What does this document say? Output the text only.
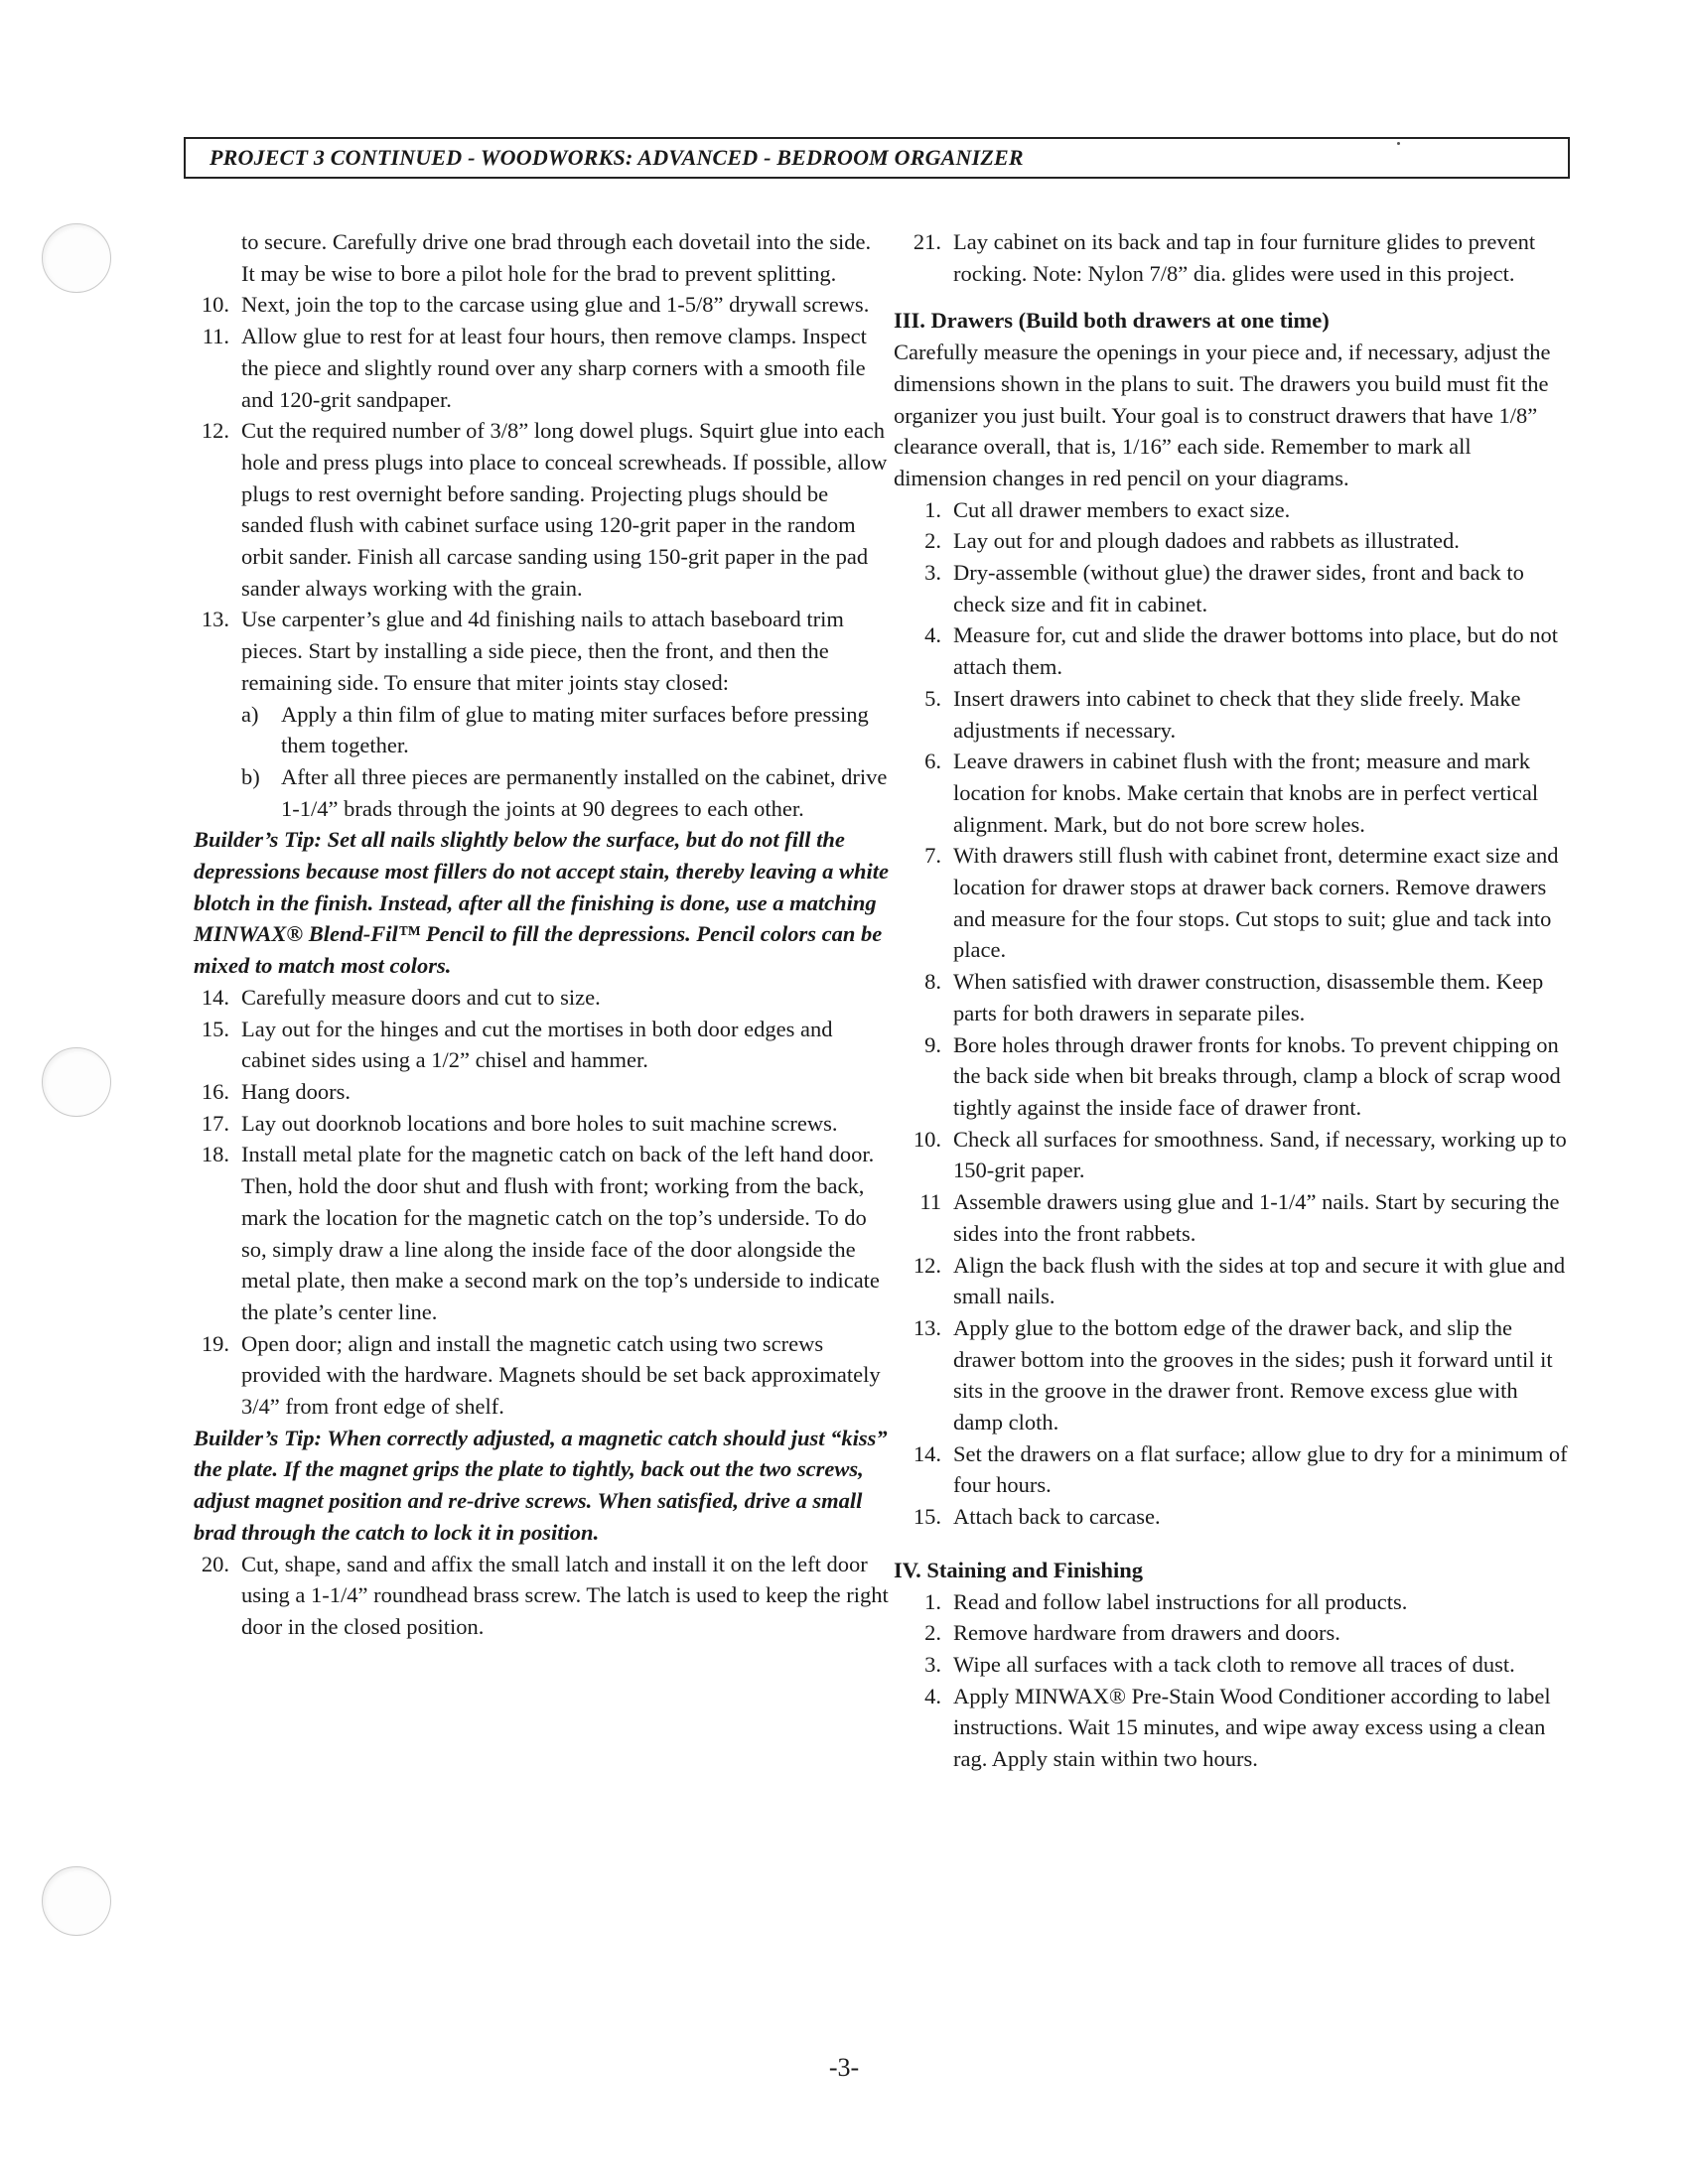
PROJECT 3 CONTINUED - WOODWORKS: ADVANCED - BEDROOM ORGANIZER
to secure. Carefully drive one brad through each dovetail into the side. It may be wise to bore a pilot hole for the brad to prevent splitting.
10. Next, join the top to the carcase using glue and 1-5/8” drywall screws.
11. Allow glue to rest for at least four hours, then remove clamps. Inspect the piece and slightly round over any sharp corners with a smooth file and 120-grit sandpaper.
12. Cut the required number of 3/8” long dowel plugs. Squirt glue into each hole and press plugs into place to conceal screwheads. If possible, allow plugs to rest overnight before sanding. Projecting plugs should be sanded flush with cabinet surface using 120-grit paper in the random orbit sander. Finish all carcase sanding using 150-grit paper in the pad sander always working with the grain.
13. Use carpenter’s glue and 4d finishing nails to attach baseboard trim pieces. Start by installing a side piece, then the front, and then the remaining side. To ensure that miter joints stay closed:
a)	Apply a thin film of glue to mating miter surfaces before pressing them together.
b) After all three pieces are permanently installed on the cabinet, drive 1-1/4” brads through the joints at 90 degrees to each other.
Builder’s Tip: Set all nails slightly below the surface, but do not fill the depressions because most fillers do not accept stain, thereby leaving a white blotch in the finish. Instead, after all the finishing is done, use a matching MINWAX® Blend-Fil™ Pencil to fill the depressions. Pencil colors can be mixed to match most colors.
14. Carefully measure doors and cut to size.
15. Lay out for the hinges and cut the mortises in both door edges and cabinet sides using a 1/2” chisel and hammer.
16. Hang doors.
17. Lay out doorknob locations and bore holes to suit machine screws.
18. Install metal plate for the magnetic catch on back of the left hand door. Then, hold the door shut and flush with front; working from the back, mark the location for the magnetic catch on the top’s underside. To do so, simply draw a line along the inside face of the door alongside the metal plate, then make a second mark on the top’s underside to indicate the plate’s center line.
19. Open door; align and install the magnetic catch using two screws provided with the hardware. Magnets should be set back approximately 3/4” from front edge of shelf.
Builder’s Tip: When correctly adjusted, a magnetic catch should just “kiss” the plate. If the magnet grips the plate to tightly, back out the two screws, adjust magnet position and re-drive screws. When satisfied, drive a small brad through the catch to lock it in position.
20. Cut, shape, sand and affix the small latch and install it on the left door using a 1-1/4” roundhead brass screw. The latch is used to keep the right door in the closed position.
21. Lay cabinet on its back and tap in four furniture glides to prevent rocking. Note: Nylon 7/8” dia. glides were used in this project.
III. Drawers (Build both drawers at one time)
Carefully measure the openings in your piece and, if necessary, adjust the dimensions shown in the plans to suit. The drawers you build must fit the organizer you just built. Your goal is to construct drawers that have 1/8” clearance overall, that is, 1/16” each side. Remember to mark all dimension changes in red pencil on your diagrams.
1. Cut all drawer members to exact size.
2. Lay out for and plough dadoes and rabbets as illustrated.
3. Dry-assemble (without glue) the drawer sides, front and back to check size and fit in cabinet.
4. Measure for, cut and slide the drawer bottoms into place, but do not attach them.
5. Insert drawers into cabinet to check that they slide freely. Make adjustments if necessary.
6. Leave drawers in cabinet flush with the front; measure and mark location for knobs. Make certain that knobs are in perfect vertical alignment. Mark, but do not bore screw holes.
7. With drawers still flush with cabinet front, determine exact size and location for drawer stops at drawer back corners. Remove drawers and measure for the four stops. Cut stops to suit; glue and tack into place.
8. When satisfied with drawer construction, disassemble them. Keep parts for both drawers in separate piles.
9. Bore holes through drawer fronts for knobs. To prevent chipping on the back side when bit breaks through, clamp a block of scrap wood tightly against the inside face of drawer front.
10. Check all surfaces for smoothness. Sand, if necessary, working up to 150-grit paper.
11 Assemble drawers using glue and 1-1/4” nails. Start by securing the sides into the front rabbets.
12. Align the back flush with the sides at top and secure it with glue and small nails.
13. Apply glue to the bottom edge of the drawer back, and slip the drawer bottom into the grooves in the sides; push it forward until it sits in the groove in the drawer front. Remove excess glue with damp cloth.
14. Set the drawers on a flat surface; allow glue to dry for a minimum of four hours.
15. Attach back to carcase.
IV. Staining and Finishing
1. Read and follow label instructions for all products.
2. Remove hardware from drawers and doors.
3. Wipe all surfaces with a tack cloth to remove all traces of dust.
4. Apply MINWAX® Pre-Stain Wood Conditioner according to label instructions. Wait 15 minutes, and wipe away excess using a clean rag. Apply stain within two hours.
-3-
